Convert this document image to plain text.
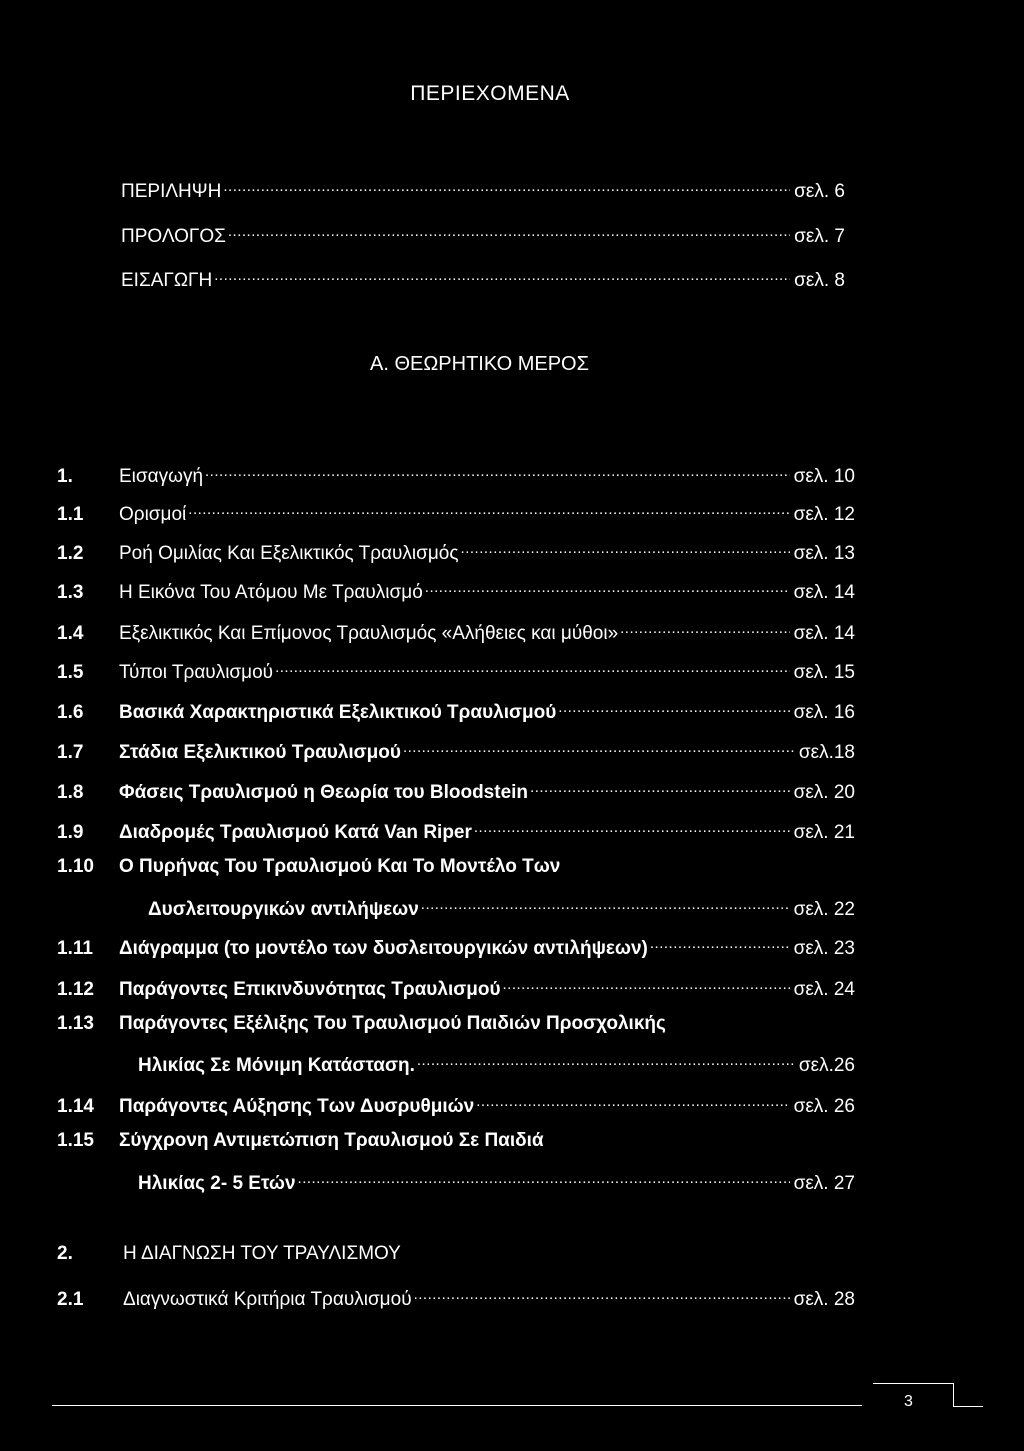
ΠΕΡΙΕΧΟΜΕΝΑ
ΠΕΡΙΛΗΨΗ .....	σελ. 6
ΠΡΟΛΟΓΟΣ .....	σελ. 7
ΕΙΣΑΓΩΓΗ .....	σελ. 8
Α. ΘΕΩΡΗΤΙΚΟ ΜΕΡΟΣ
1.	Εισαγωγή .....	σελ. 10
1.1	Ορισμοί .....	σελ. 12
1.2	Ροή Ομιλίας Και Εξελικτικός Τραυλισμός .....	σελ. 13
1.3	Η Εικόνα Του Ατόμου Με Τραυλισμό .....	σελ. 14
1.4	Εξελικτικός Και Επίμονος Τραυλισμός «Αλήθειες και μύθοι» .....	σελ. 14
1.5	Τύποι Τραυλισμού .....	σελ. 15
1.6	Βασικά Χαρακτηριστικά Εξελικτικού Τραυλισμού .....	σελ. 16
1.7	Στάδια Εξελικτικού Τραυλισμού .....	σελ.18
1.8	Φάσεις Τραυλισμού η Θεωρία του Bloodstein .....	σελ. 20
1.9	Διαδρομές Τραυλισμού Κατά Van Riper .....	σελ. 21
1.10	Ο Πυρήνας Του Τραυλισμού Και Το Μοντέλο Των
Δυσλειτουργικών αντιλήψεων .....	σελ. 22
1.11	Διάγραμμα (το μοντέλο των δυσλειτουργικών αντιλήψεων) .....	σελ. 23
1.12	Παράγοντες Επικινδυνότητας Τραυλισμού .....	σελ. 24
1.13	Παράγοντες Εξέλιξης Του Τραυλισμού Παιδιών Προσχολικής
Ηλικίας Σε Μόνιμη Κατάσταση. .....	σελ.26
1.14	Παράγοντες Αύξησης Των Δυσρυθμιών .....	σελ. 26
1.15	Σύγχρονη Αντιμετώπιση Τραυλισμού Σε Παιδιά
Ηλικίας 2- 5 Ετών .....	σελ. 27
2.	Η ΔΙΑΓΝΩΣΗ ΤΟΥ ΤΡΑΥΛΙΣΜΟΥ
2.1	Διαγνωστικά Κριτήρια Τραυλισμού .....	σελ. 28
3
